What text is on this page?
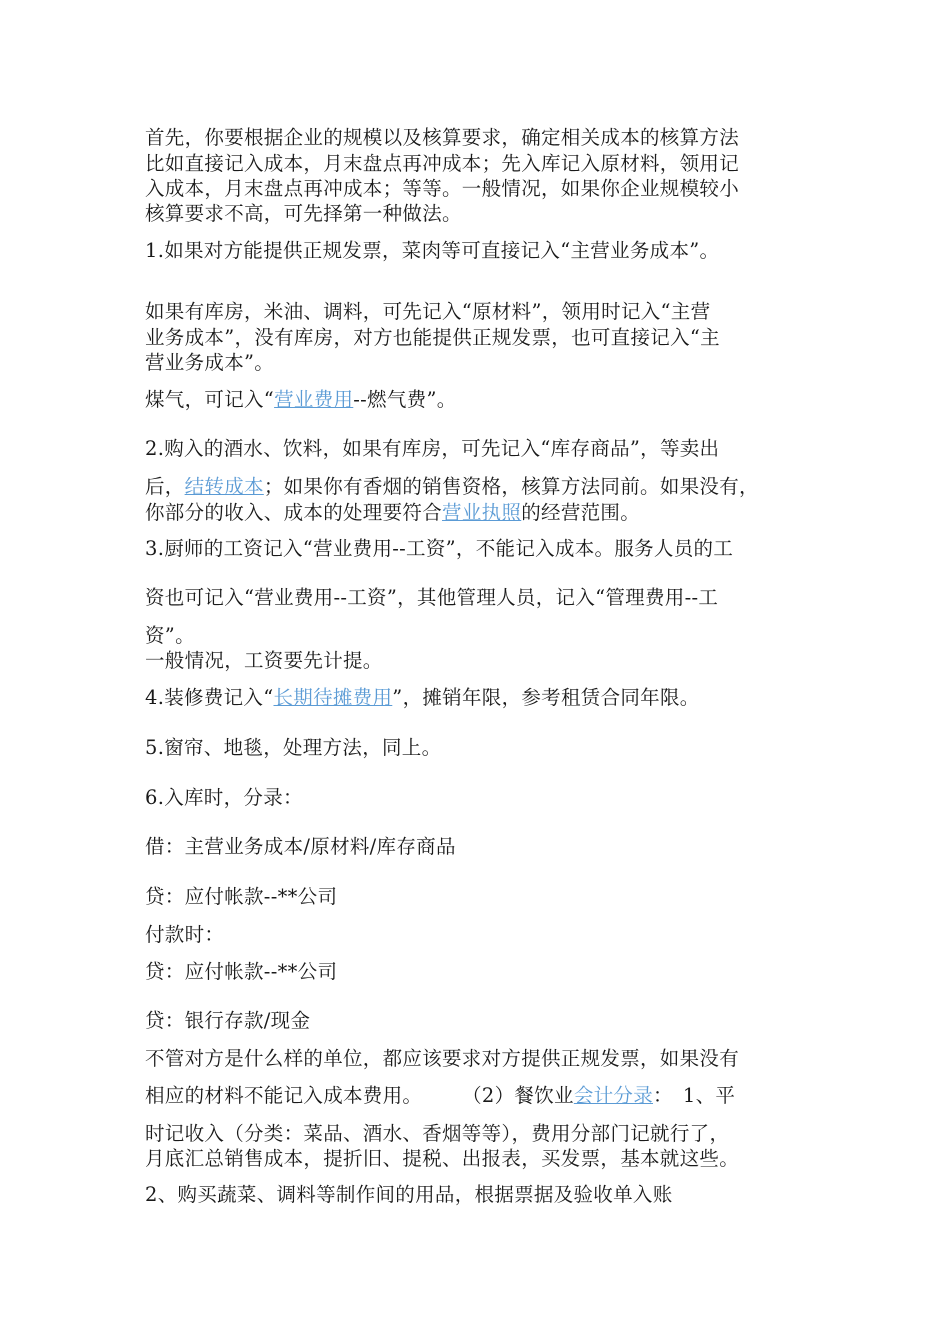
首先，你要根据企业的规模以及核算要求，确定相关成本的核算方法
比如直接记入成本，月末盘点再冲成本；先入库记入原材料，领用记
入成本，月末盘点再冲成本；等等。一般情况，如果你企业规模较小
核算要求不高，可先择第一种做法。
1.如果对方能提供正规发票，菜肉等可直接记入“主营业务成本”。
如果有库房，米油、调料，可先记入“原材料”，领用时记入“主营
业务成本”，没有库房，对方也能提供正规发票，也可直接记入“主
营业务成本”。
煤气，可记入“营业费用--燃气费”。
2.购入的酒水、饮料，如果有库房，可先记入“库存商品”，等卖出
后，结转成本；如果你有香烟的销售资格，核算方法同前。如果没有，
你部分的收入、成本的处理要符合营业执照的经营范围。
3.厨师的工资记入“营业费用--工资”，不能记入成本。服务人员的工
资也可记入“营业费用--工资”，其他管理人员，记入“管理费用--工
资”。
一般情况，工资要先计提。
4.装修费记入“长期待摊费用”，摊销年限，参考租赁合同年限。
5.窗帘、地毯，处理方法，同上。
6.入库时，分录：
借：主营业务成本/原材料/库存商品
贷：应付帐款--**公司
付款时：
贷：应付帐款--**公司
贷：银行存款/现金
不管对方是什么样的单位，都应该要求对方提供正规发票，如果没有
相应的材料不能记入成本费用。　　　（2）餐饮业会计分录：　1、平
时记收入（分类：菜品、酒水、香烟等等），费用分部门记就行了，
月底汇总销售成本，提折旧、提税、出报表，买发票，基本就这些。
2、购买蔬菜、调料等制作间的用品，根据票据及验收单入账
